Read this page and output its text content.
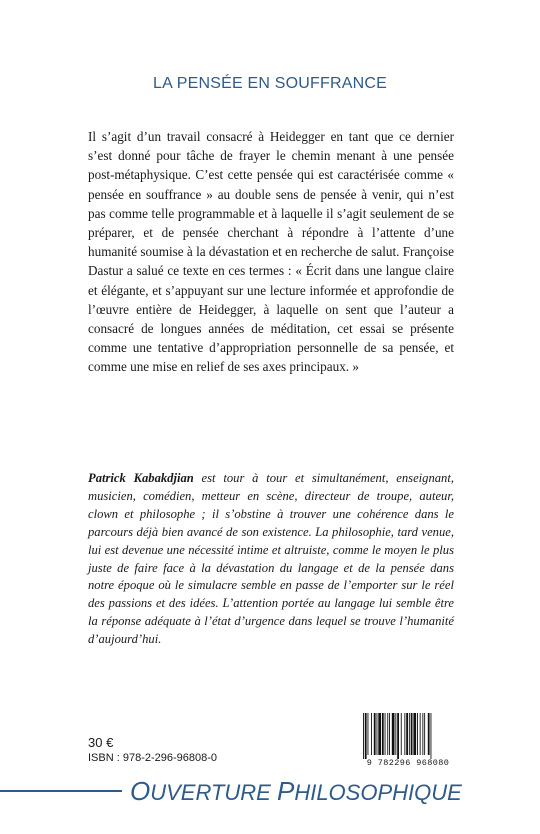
LA PENSÉE EN SOUFFRANCE

Il s’agit d’un travail consacré à Heidegger en tant que ce dernier s’est donné pour tâche de frayer le chemin menant à une pensée post-métaphysique. C’est cette pensée qui est caractérisée comme « pensée en souffrance » au double sens de pensée à venir, qui n’est pas comme telle programmable et à laquelle il s’agit seulement de se préparer, et de pensée cherchant à répondre à l’attente d’une humanité soumise à la dévastation et en recherche de salut. Françoise Dastur a salué ce texte en ces termes : « Écrit dans une langue claire et élégante, et s’appuyant sur une lecture informée et approfondie de l’œuvre entière de Heidegger, à laquelle on sent que l’auteur a consacré de longues années de méditation, cet essai se présente comme une tentative d’appropriation personnelle de sa pensée, et comme une mise en relief de ses axes principaux. »

Patrick Kabakdjian est tour à tour et simultanément, enseignant, musicien, comédien, metteur en scène, directeur de troupe, auteur, clown et philosophe ; il s’obstine à trouver une cohérence dans le parcours déjà bien avancé de son existence. La philosophie, tard venue, lui est devenue une nécessité intime et altruiste, comme le moyen le plus juste de faire face à la dévastation du langage et de la pensée dans notre époque où le simulacre semble en passe de l’emporter sur le réel des passions et des idées. L’attention portée au langage lui semble être la réponse adéquate à l’état d’urgence dans lequel se trouve l’humanité d’aujourd’hui.
30 €
ISBN : 978-2-296-96808-0	9 782296 968080
OUVERTURE PHILOSOPHIQUE
